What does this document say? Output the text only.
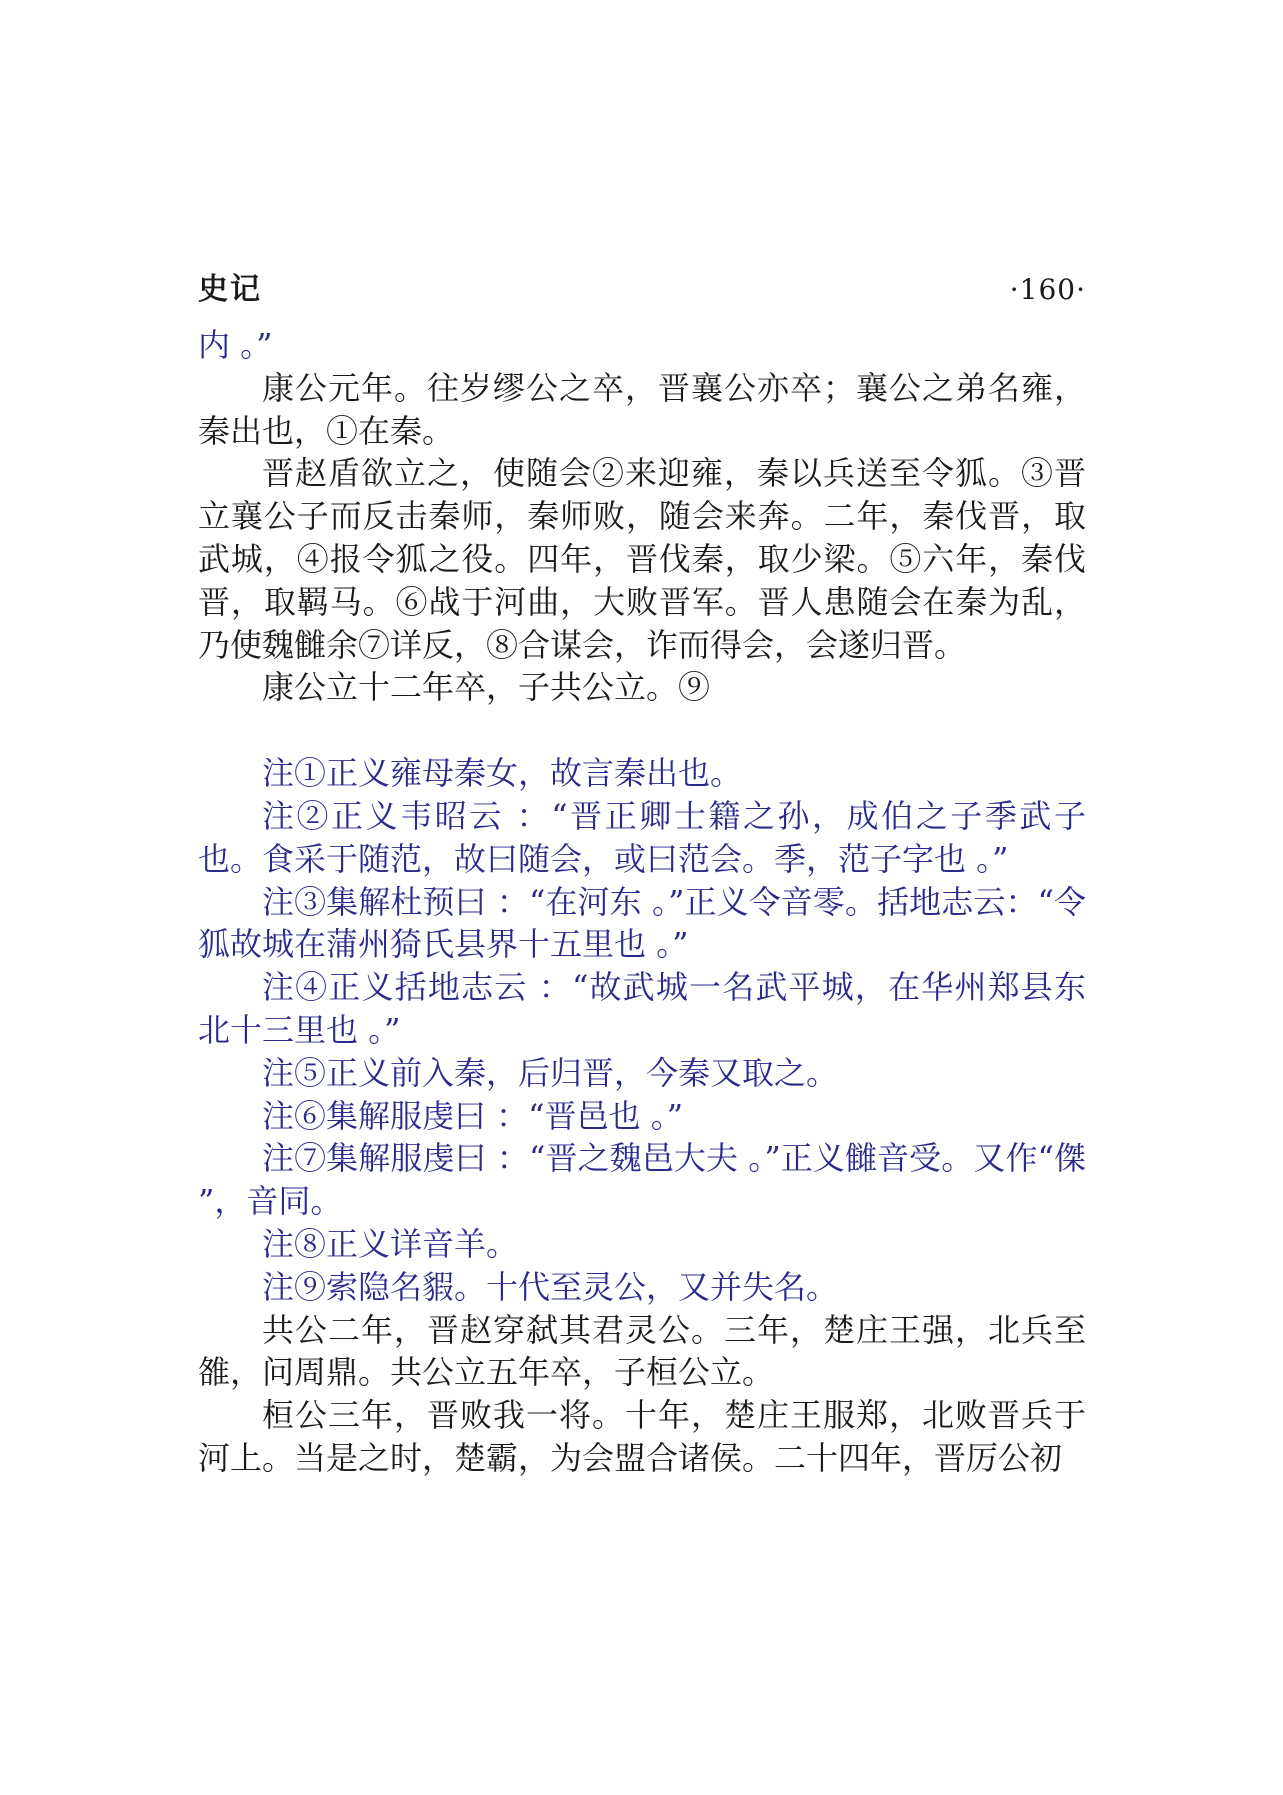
史记	·160·

内 。”

康公元年。往岁缪公之卒，晋襄公亦卒；襄公之弟名雍，秦出也，①在秦。

晋赵盾欲立之，使随会②来迎雍，秦以兵送至令狐。③晋立襄公子而反击秦师，秦师败，随会来奔。二年，秦伐晋，取武城，④报令狐之役。四年，晋伐秦，取少梁。⑤六年，秦伐晋，取羁马。⑥战于河曲，大败晋军。晋人患随会在秦为乱，乃使魏雠余⑦详反，⑧合谋会，诈而得会，会遂归晋。

康公立十二年卒，子共公立。⑨

注①正义雍母秦女，故言秦出也。

注②正义韦昭云 ：“晋正卿士籍之孙，成伯之子季武子也。食采于随范，故曰随会，或曰范会。季，范子字也 。”

注③集解杜预曰 ：“在河东 。”正义令音零。括地志云：“令狐故城在蒲州猗氏县界十五里也 。”

注④正义括地志云 ：“故武城一名武平城，在华州郑县东北十三里也 。”

注⑤正义前入秦，后归晋，今秦又取之。

注⑥集解服虔曰 ：“晋邑也 。”

注⑦集解服虔曰 ：“晋之魏邑大夫 。”正义雠音受。又作“傑 ”，音同。

注⑧正义详音羊。

注⑨索隐名貑。十代至灵公，又并失名。

共公二年，晋赵穿弑其君灵公。三年，楚庄王强，北兵至雒，问周鼎。共公立五年卒，子桓公立。

桓公三年，晋败我一将。十年，楚庄王服郑，北败晋兵于河上。当是之时，楚霸，为会盟合诸侯。二十四年，晋厉公初
